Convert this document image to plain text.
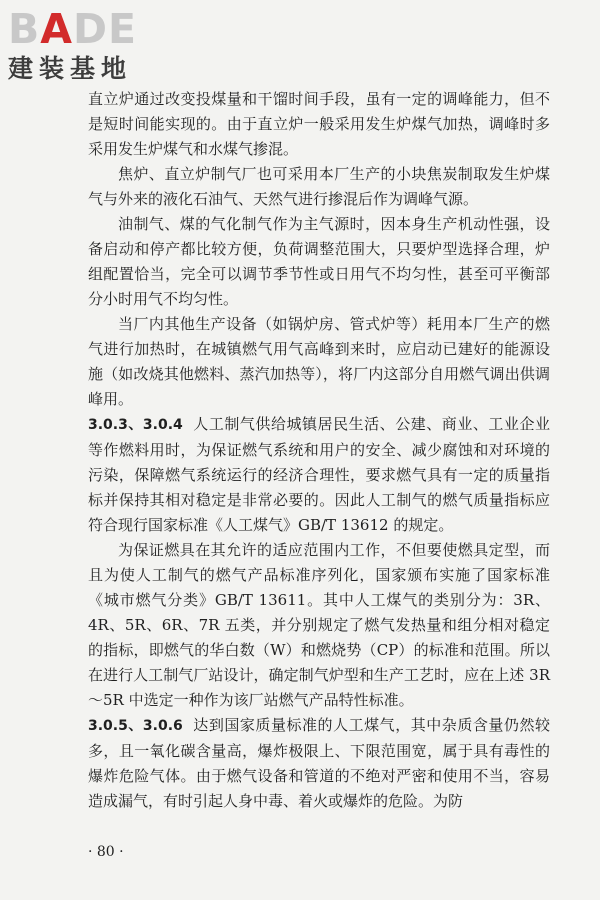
BADE
建装基地

直立炉通过改变投煤量和干馏时间手段，虽有一定的调峰能力，但不是短时间能实现的。由于直立炉一般采用发生炉煤气加热，调峰时多采用发生炉煤气和水煤气掺混。

焦炉、直立炉制气厂也可采用本厂生产的小块焦炭制取发生炉煤气与外来的液化石油气、天然气进行掺混后作为调峰气源。

油制气、煤的气化制气作为主气源时，因本身生产机动性强，设备启动和停产都比较方便，负荷调整范围大，只要炉型选择合理，炉组配置恰当，完全可以调节季节性或日用气不均匀性，甚至可平衡部分小时用气不均匀性。

当厂内其他生产设备（如锅炉房、管式炉等）耗用本厂生产的燃气进行加热时，在城镇燃气用气高峰到来时，应启动已建好的能源设施（如改烧其他燃料、蒸汽加热等），将厂内这部分自用燃气调出供调峰用。

3.0.3、3.0.4 人工制气供给城镇居民生活、公建、商业、工业企业等作燃料用时，为保证燃气系统和用户的安全、减少腐蚀和对环境的污染，保障燃气系统运行的经济合理性，要求燃气具有一定的质量指标并保持其相对稳定是非常必要的。因此人工制气的燃气质量指标应符合现行国家标准《人工煤气》GB/T 13612 的规定。

为保证燃具在其允许的适应范围内工作，不但要使燃具定型，而且为使人工制气的燃气产品标准序列化，国家颁布实施了国家标准《城市燃气分类》GB/T 13611。其中人工煤气的类别分为：3R、4R、5R、6R、7R 五类，并分别规定了燃气发热量和组分相对稳定的指标，即燃气的华白数（W）和燃烧势（CP）的标准和范围。所以在进行人工制气厂站设计，确定制气炉型和生产工艺时，应在上述 3R～5R 中选定一种作为该厂站燃气产品特性标准。

3.0.5、3.0.6 达到国家质量标准的人工煤气，其中杂质含量仍然较多，且一氧化碳含量高，爆炸极限上、下限范围宽，属于具有毒性的爆炸危险气体。由于燃气设备和管道的不绝对严密和使用不当，容易造成漏气，有时引起人身中毒、着火或爆炸的危险。为防

· 80 ·
